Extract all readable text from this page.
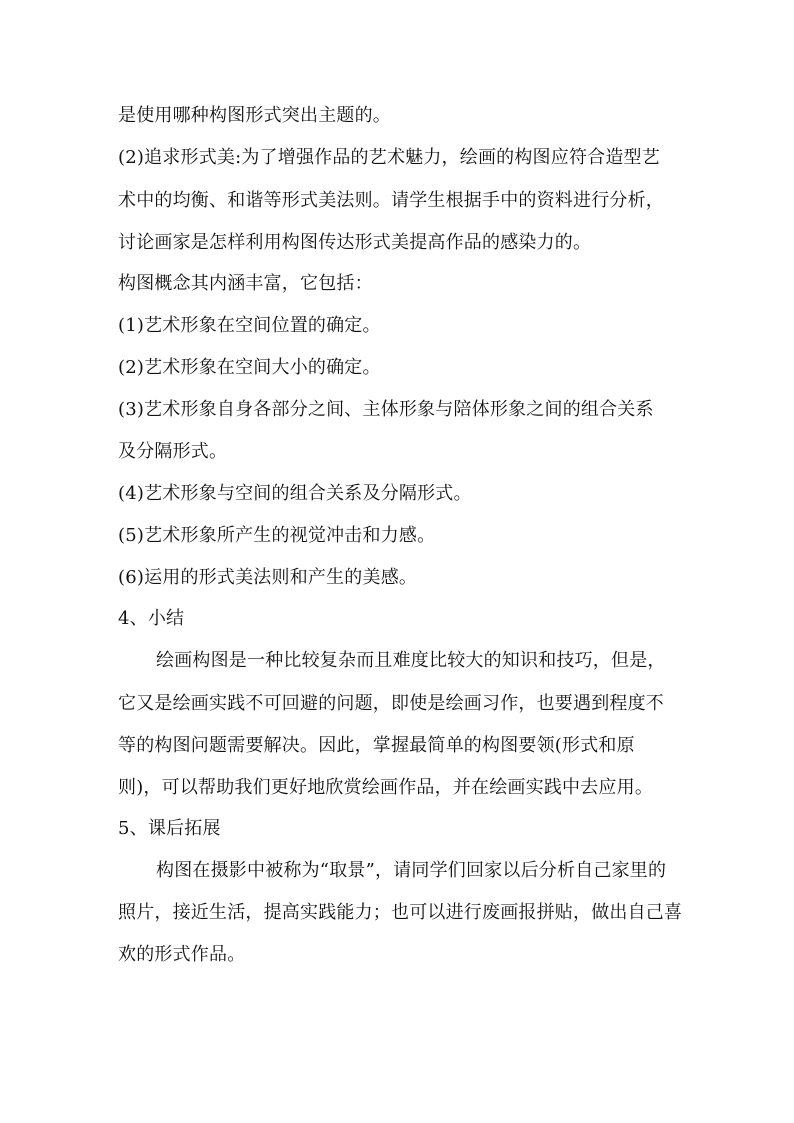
是使用哪种构图形式突出主题的。
(2)追求形式美:为了增强作品的艺术魅力，绘画的构图应符合造型艺
术中的均衡、和谐等形式美法则。请学生根据手中的资料进行分析，
讨论画家是怎样利用构图传达形式美提高作品的感染力的。
构图概念其内涵丰富，它包括：
(1)艺术形象在空间位置的确定。
(2)艺术形象在空间大小的确定。
(3)艺术形象自身各部分之间、主体形象与陪体形象之间的组合关系
及分隔形式。
(4)艺术形象与空间的组合关系及分隔形式。
(5)艺术形象所产生的视觉冲击和力感。
(6)运用的形式美法则和产生的美感。
4、小结
绘画构图是一种比较复杂而且难度比较大的知识和技巧，但是，
它又是绘画实践不可回避的问题，即使是绘画习作，也要遇到程度不
等的构图问题需要解决。因此，掌握最简单的构图要领(形式和原
则)，可以帮助我们更好地欣赏绘画作品，并在绘画实践中去应用。
5、课后拓展
构图在摄影中被称为“取景”，请同学们回家以后分析自己家里的
照片，接近生活，提高实践能力；也可以进行废画报拼贴，做出自己喜
欢的形式作品。
